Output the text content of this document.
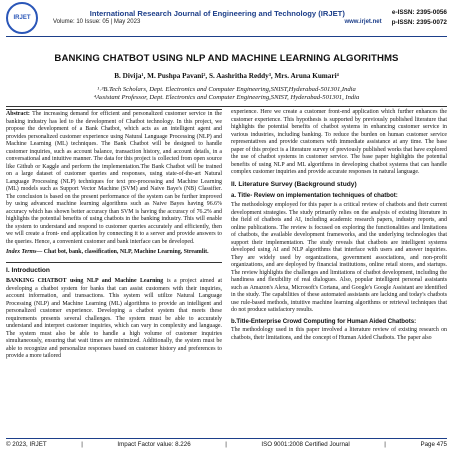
IRJET	International Research Journal of Engineering and Technology (IRJET)
Volume: 10 Issue: 05 | May 2023	www.irjet.net
e-ISSN: 2395-0056
p-ISSN: 2395-0072
BANKING CHATBOT USING NLP AND MACHINE LEARNING ALGORITHMS
B. Divija¹, M. Pushpa Pavani², S. Aashritha Reddy³, Mrs. Aruna Kumari⁴
¹˒³B.Tech Scholars, Dept. Electronics and Computer Engineering,SNIST,Hyderabad-501301,India
⁴Assistant Professor, Dept. Electronics and Computer Engineering,SNIST, Hyderabad-501301, India

Abstract: The increasing demand for efficient and personalized customer service in the banking industry has led to the development of Chatbot technology. In this project, we propose the development of a Bank Chatbot, which acts as an intelligent agent and provides personalized customer experience using Natural Language Processing (NLP) and Machine Learning (ML) techniques. The Bank Chatbot will be designed to handle customer inquiries, such as account balance, transaction history, and account details, in a conversational and intuitive manner. The data for this project is collected from open source like Github or Kaggle and perform the implementation.The Bank Chatbot will be trained on a large dataset of customer queries and responses, using state-of-the-art Natural Language Processing (NLP) techniques for text pre-processing and Machine Learning (ML) models such as Support Vector Machine (SVM) and Naive Baye's (NB) Classifier. The conclusion is based on the present performance of the system can be further improved by using advanced machine learning algorithms such as Naive Bayes having 96.6% accuracy which has shown better accuracy than SVM is having the accuracy of 76.2% and highlights the potential benefits of using chatbots in the banking industry. This will enable the system to understand and respond to customer queries accurately and efficiently, then we will create a front- end application by connecting it to a server and provide answers to the queries. Hence, a convenient customer and bank interface can be developed.

Index Terms— Chat bot, bank, classification, NLP, Machine Learning, Streamlit.

I. Introduction

BANKING CHATBOT using NLP and Machine Learning is a project aimed at developing a chatbot system for banks that can assist customers with their inquiries, account information, and transactions. This system will utilize Natural Language Processing (NLP) and Machine Learning (ML) algorithms to provide an intelligent and personalized customer experience. Developing a chatbot system that meets these requirements presents several challenges. The system must be able to accurately understand and interpret customer inquiries, which can vary in complexity and language. The system must also be able to handle a high volume of customer inquiries simultaneously, ensuring that wait times are minimized. Additionally, the system must be able to recognize and personalize responses based on customer history and preferences to provide a more tailored

experience. Here we create a customer front-end application which further enhances the customer experience. This hypothesis is supported by previously published literature that highlights the potential benefits of chatbot systems in enhancing customer service in various industries, including banking. To reduce the burden on human customer service representatives and provide customers with immediate assistance at any time. The base paper of this project is a literature survey of previously published works that have explored the use of chatbot systems in customer service. The base paper highlights the potential benefits of using NLP and ML algorithms in developing chatbot systems that can handle complex customer inquiries and provide accurate responses in natural language.

II. Literature Survey (Background study)
a. Title- Review on implementation techniques of chatbot:

The methodology employed for this paper is a critical review of chatbots and their current development strategies. The study primarily relies on the analysis of existing literature in the field of chatbots and AI, including academic research papers, industry reports, and online publications. The review is focused on exploring the functionalities and limitations of chatbots, the available development frameworks, and the underlying technologies that support their implementation. The study reveals that chatbots are intelligent systems developed using AI and NLP algorithms that interface with users and answer inquiries. They are widely used by organizations, government associations, and non-profit organizations, and are deployed by financial institutions, online retail stores, and startups. The review highlights the challenges and limitations of chatbot development, including the handiness and flexibility of real dialogues. Also, popular intelligent personal assistants such as Amazon's Alexa, Microsoft's Cortana, and Google's Google Assistant are identified in the study. The capabilities of these automated assistants are lacking and today's chatbots use rule-based methods, intuitive machine learning algorithms or retrieval techniques that do not produce satisfactory results.

b.Title-Enterprise Crowd Computing for Human Aided Chatbots:

The methodology used in this paper involved a literature review of existing research on chatbots, their limitations, and the concept of Human Aided Chatbots. The paper also

© 2023, IRJET	|	Impact Factor value: 8.226	|	ISO 9001:2008 Certified Journal	|	Page 475
